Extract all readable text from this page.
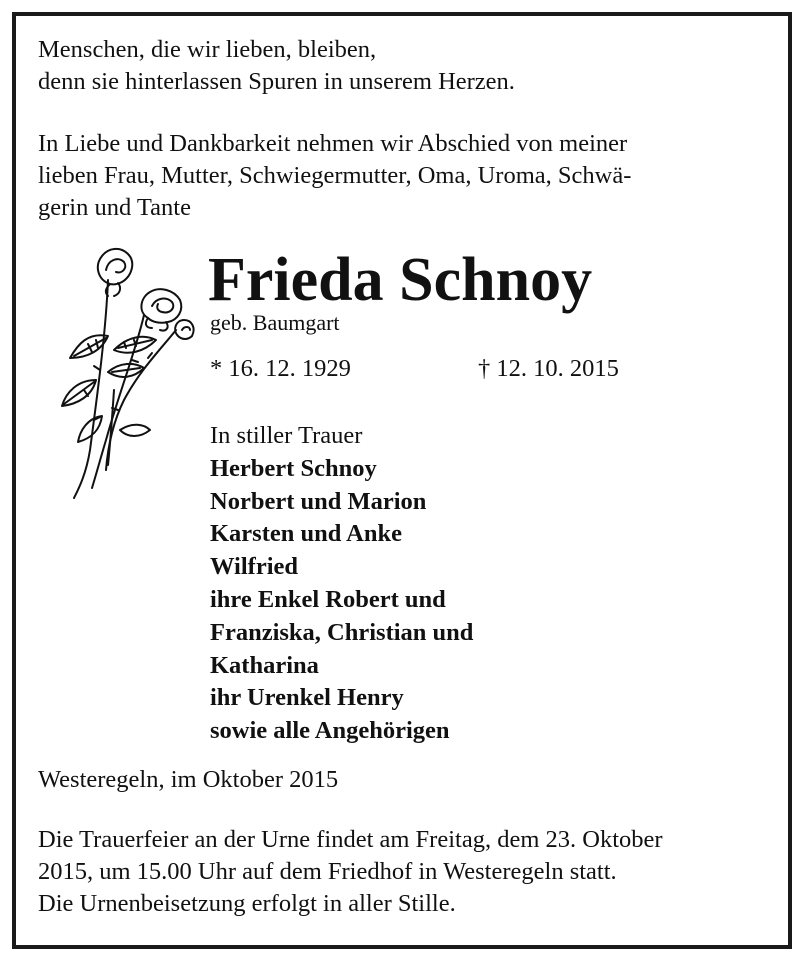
Menschen, die wir lieben, bleiben,
denn sie hinterlassen Spuren in unserem Herzen.
In Liebe und Dankbarkeit nehmen wir Abschied von meiner
lieben Frau, Mutter, Schwiegermutter, Oma, Uroma, Schwä-
gerin und Tante
Frieda Schnoy
geb. Baumgart
* 16. 12. 1929	† 12. 10. 2015
In stiller Trauer
Herbert Schnoy
Norbert und Marion
Karsten und Anke
Wilfried
ihre Enkel Robert und
Franziska, Christian und
Katharina
ihr Urenkel Henry
sowie alle Angehörigen
Westeregeln, im Oktober 2015
Die Trauerfeier an der Urne findet am Freitag, dem 23. Oktober
2015, um 15.00 Uhr auf dem Friedhof in Westeregeln statt.
Die Urnenbeisetzung erfolgt in aller Stille.
